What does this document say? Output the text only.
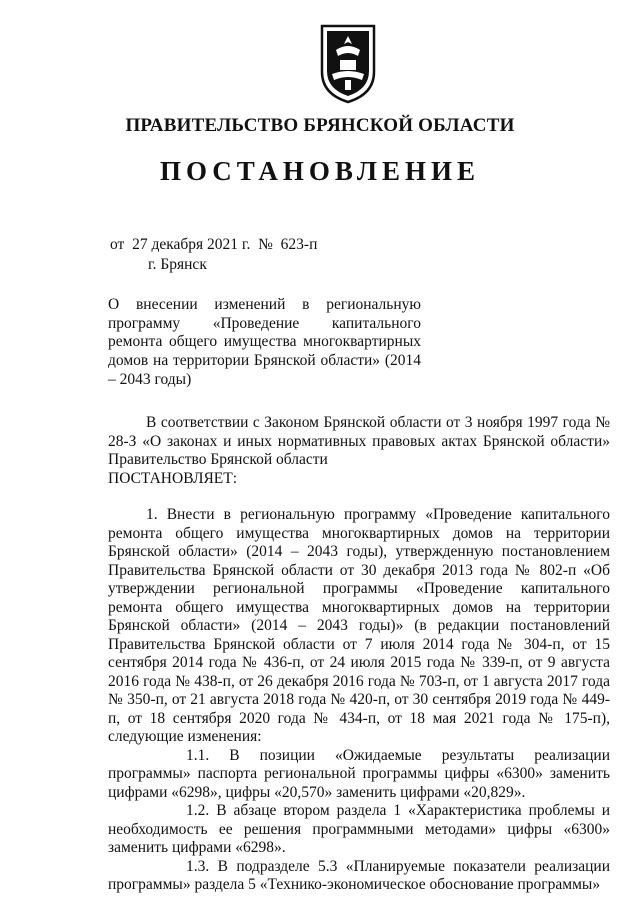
ПРАВИТЕЛЬСТВО БРЯНСКОЙ ОБЛАСТИ
ПОСТАНОВЛЕНИЕ
от  27 декабря 2021 г.  №  623-п
г. Брянск
О внесении изменений в региональную программу «Проведение капитального ремонта общего имущества многоквартирных домов на территории Брянской области» (2014 – 2043 годы)

В соответствии с Законом Брянской области от 3 ноября 1997 года № 28-З «О законах и иных нормативных правовых актах Брянской области» Правительство Брянской области

ПОСТАНОВЛЯЕТ:

1. Внести в региональную программу «Проведение капитального ремонта общего имущества многоквартирных домов на территории Брянской области» (2014 – 2043 годы), утвержденную постановлением Правительства Брянской области от 30 декабря 2013 года № 802-п «Об утверждении региональной программы «Проведение капитального ремонта общего имущества многоквартирных домов на территории Брянской области» (2014 – 2043 годы)» (в редакции постановлений Правительства Брянской области от 7 июля 2014 года № 304-п, от 15 сентября 2014 года № 436-п, от 24 июля 2015 года № 339-п, от 9 августа 2016 года № 438-п, от 26 декабря 2016 года № 703-п, от 1 августа 2017 года № 350-п, от 21 августа 2018 года № 420-п, от 30 сентября 2019 года № 449-п, от 18 сентября 2020 года № 434-п, от 18 мая 2021 года № 175-п), следующие изменения:

1.1. В позиции «Ожидаемые результаты реализации программы» паспорта региональной программы цифры «6300» заменить цифрами «6298», цифры «20,570» заменить цифрами «20,829».

1.2. В абзаце втором раздела 1 «Характеристика проблемы и необходимость ее решения программными методами» цифры «6300» заменить цифрами «6298».

1.3. В подразделе 5.3 «Планируемые показатели реализации программы» раздела 5 «Технико-экономическое обоснование программы»
